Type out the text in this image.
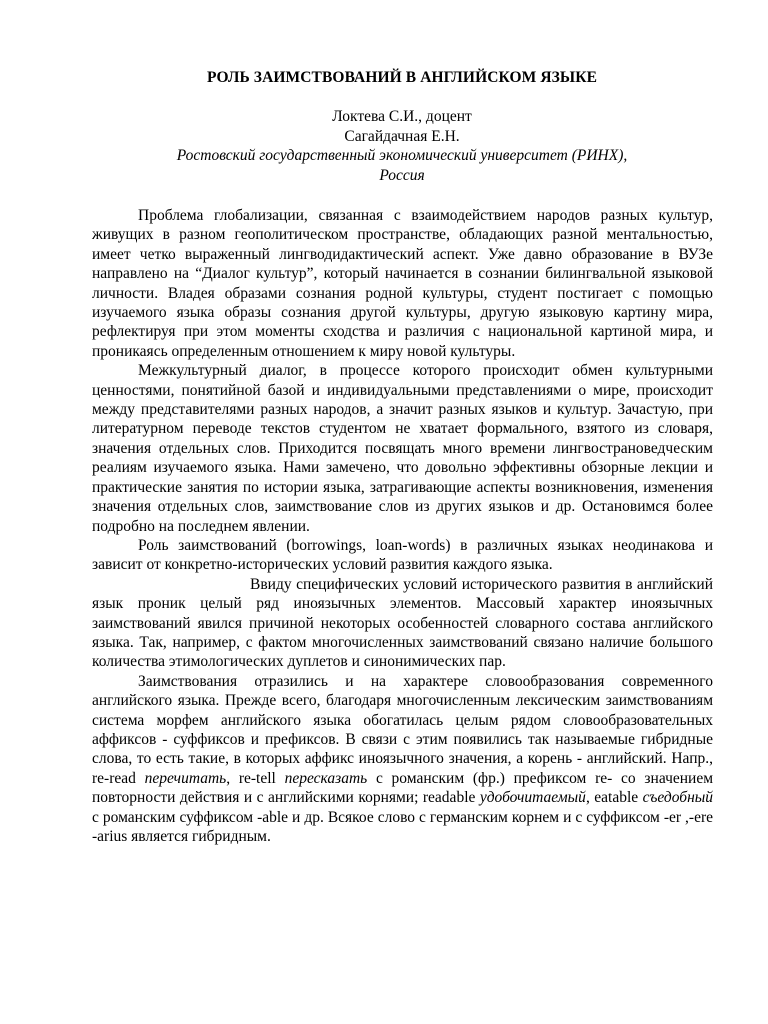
РОЛЬ ЗАИМСТВОВАНИЙ В АНГЛИЙСКОМ ЯЗЫКЕ
Локтева С.И., доцент
Сагайдачная Е.Н.
Ростовский государственный экономический университет (РИНХ),
Россия

Проблема глобализации, связанная с взаимодействием народов разных культур, живущих в разном геополитическом пространстве, обладающих разной ментальностью, имеет четко выраженный лингводидактический аспект. Уже давно образование в ВУЗе направлено на “Диалог культур”, который начинается в сознании билингвальной языковой личности. Владея образами сознания родной культуры, студент постигает с помощью изучаемого языка образы сознания другой культуры, другую языковую картину мира, рефлектируя при этом моменты сходства и различия с национальной картиной мира, и проникаясь определенным отношением к миру новой культуры.

Межкультурный диалог, в процессе которого происходит обмен культурными ценностями, понятийной базой и индивидуальными представлениями о мире, происходит между представителями разных народов, а значит разных языков и культур. Зачастую, при литературном переводе текстов студентом не хватает формального, взятого из словаря, значения отдельных слов. Приходится посвящать много времени лингвострановедческим реалиям изучаемого языка. Нами замечено, что довольно эффективны обзорные лекции и практические занятия по истории языка, затрагивающие аспекты возникновения, изменения значения отдельных слов, заимствование слов из других языков и др. Остановимся более подробно на последнем явлении.

Роль заимствований (borrowings, loan-words) в различных языках неодинакова и зависит от конкретно-исторических условий развития каждого языка.

Ввиду специфических условий исторического развития в английский язык проник целый ряд иноязычных элементов. Массовый характер иноязычных заимствований явился причиной некоторых особенностей словарного состава английского языка. Так, например, с фактом многочисленных заимствований связано наличие большого количества этимологических дуплетов и синонимических пар.

Заимствования отразились и на характере словообразования современного английского языка. Прежде всего, благодаря многочисленным лексическим заимствованиям система морфем английского языка обогатилась целым рядом словообразовательных аффиксов - суффиксов и префиксов. В связи с этим появились так называемые гибридные слова, то есть такие, в которых аффикс иноязычного значения, а корень - английский. Напр., re-read перечитать, re-tell пересказать с романским (фр.) префиксом re- со значением повторности действия и с английскими корнями; readable удобочитаемый, eatable съедобный с романским суффиксом -able и др. Всякое слово с германским корнем и с суффиксом -er ,-ere -arius является гибридным.
